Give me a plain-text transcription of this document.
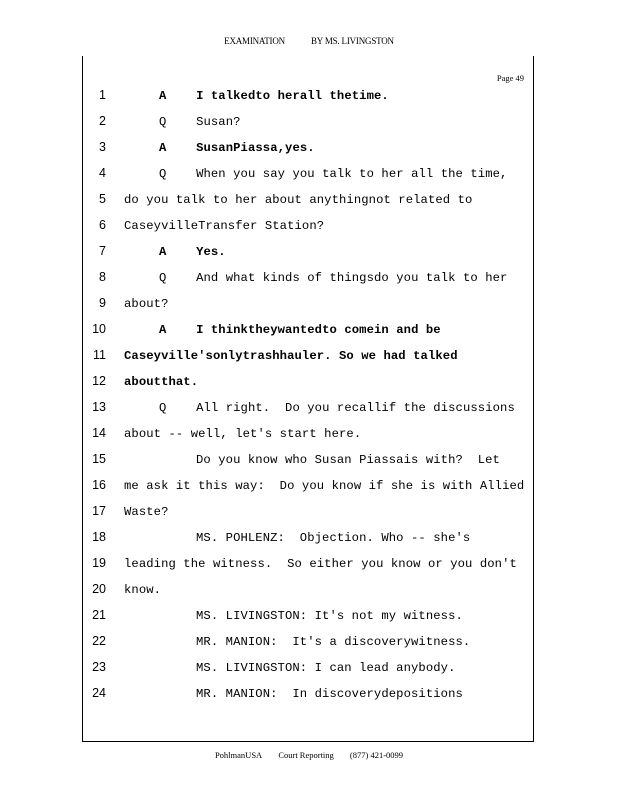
EXAMINATION	BY MS. LIVINGSTON
Page 49
1	A    I talkedto herall thetime.
2	Q    Susan?
3	A    SusanPiassa,yes.
4	Q    When you say you talk to her all the time,
5 do you talk to her about anythingnot related to
6 CaseyvilleTransfer Station?
7	A    Yes.
8	Q    And what kinds of thingsdo you talk to her
9 about?
10	A    I thinktheywantedto comein and be
11 Caseyville'sonlytrashhauler. So we had talked
12 aboutthat.
13	Q    All right.  Do you recallif the discussions
14 about -- well, let's start here.
15	Do you know who Susan Piassais with?  Let
16 me ask it this way:  Do you know if she is with Allied
17 Waste?
18	MS. POHLENZ:  Objection. Who -- she's
19 leading the witness.  So either you know or you don't
20 know.
21	MS. LIVINGSTON: It's not my witness.
22	MR. MANION:  It's a discoverywitness.
23	MS. LIVINGSTON: I can lead anybody.
24	MR. MANION:  In discoverydepositions
PohlmanUSA Court Reporting (877) 421-0099
